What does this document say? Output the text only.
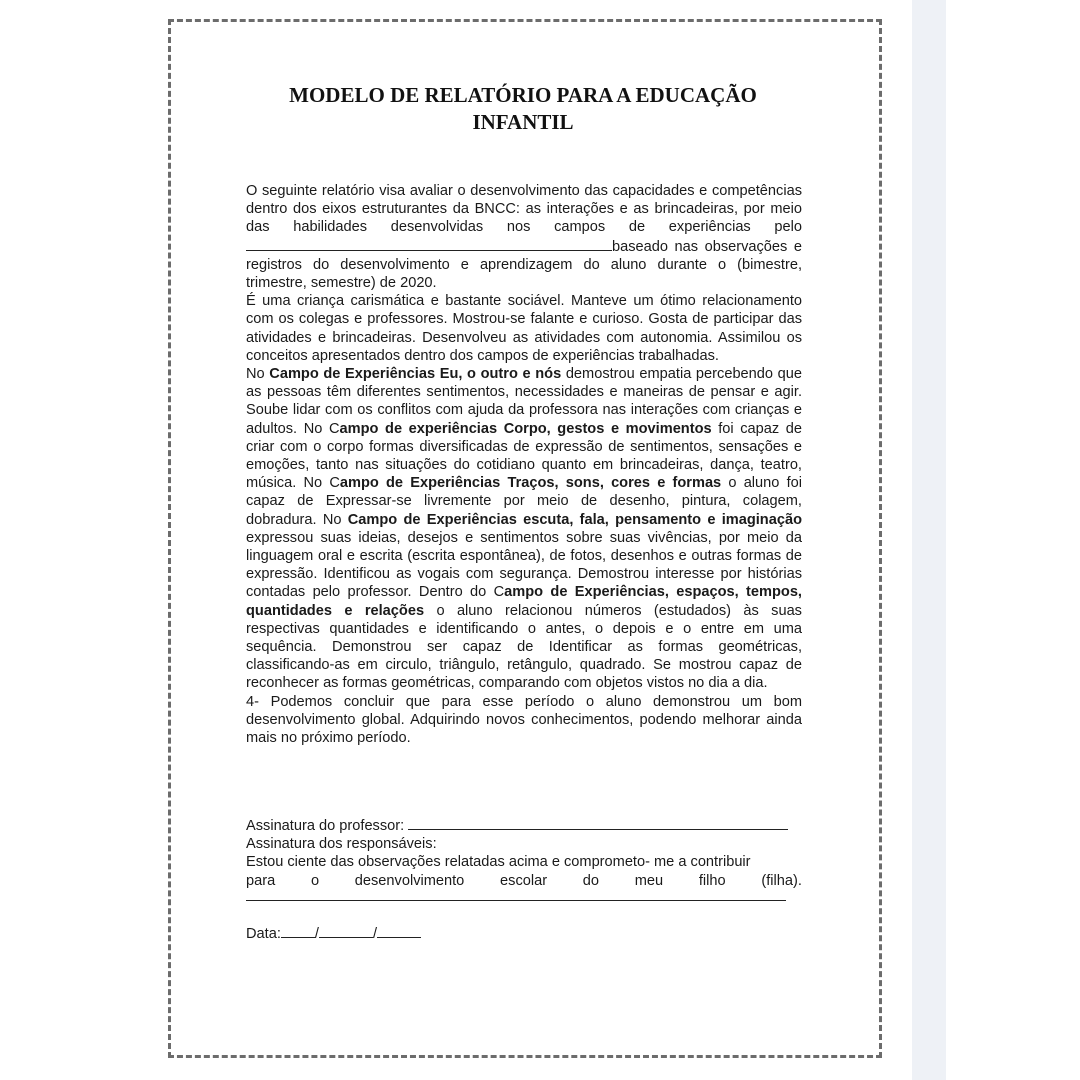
MODELO DE RELATÓRIO PARA A EDUCAÇÃO INFANTIL

O seguinte relatório visa avaliar o desenvolvimento das capacidades e competências dentro dos eixos estruturantes da BNCC: as interações e as brincadeiras, por meio das habilidades desenvolvidas nos campos de experiências pelo baseado nas observações e registros do desenvolvimento e aprendizagem do aluno durante o (bimestre, trimestre, semestre) de 2020.

É uma criança carismática e bastante sociável. Manteve um ótimo relacionamento com os colegas e professores. Mostrou-se falante e curioso. Gosta de participar das atividades e brincadeiras. Desenvolveu as atividades com autonomia. Assimilou os conceitos apresentados dentro dos campos de experiências trabalhadas.

No Campo de Experiências Eu, o outro e nós demostrou empatia percebendo que as pessoas têm diferentes sentimentos, necessidades e maneiras de pensar e agir. Soube lidar com os conflitos com ajuda da professora nas interações com crianças e adultos. No Campo de experiências Corpo, gestos e movimentos foi capaz de criar com o corpo formas diversificadas de expressão de sentimentos, sensações e emoções, tanto nas situações do cotidiano quanto em brincadeiras, dança, teatro, música. No Campo de Experiências Traços, sons, cores e formas o aluno foi capaz de Expressar-se livremente por meio de desenho, pintura, colagem, dobradura. No Campo de Experiências escuta, fala, pensamento e imaginação expressou suas ideias, desejos e sentimentos sobre suas vivências, por meio da linguagem oral e escrita (escrita espontânea), de fotos, desenhos e outras formas de expressão. Identificou as vogais com segurança. Demostrou interesse por histórias contadas pelo professor. Dentro do Campo de Experiências, espaços, tempos, quantidades e relações o aluno relacionou números (estudados) às suas respectivas quantidades e identificando o antes, o depois e o entre em uma sequência. Demonstrou ser capaz de Identificar as formas geométricas, classificando-as em circulo, triângulo, retângulo, quadrado. Se mostrou capaz de reconhecer as formas geométricas, comparando com objetos vistos no dia a dia.

4- Podemos concluir que para esse período o aluno demonstrou um bom desenvolvimento global. Adquirindo novos conhecimentos, podendo melhorar ainda mais no próximo período.

Assinatura do professor:

Assinatura dos responsáveis:

Estou ciente das observações relatadas acima e comprometo- me a contribuir

para o desenvolvimento escolar do meu filho (filha).
Data: /	/
